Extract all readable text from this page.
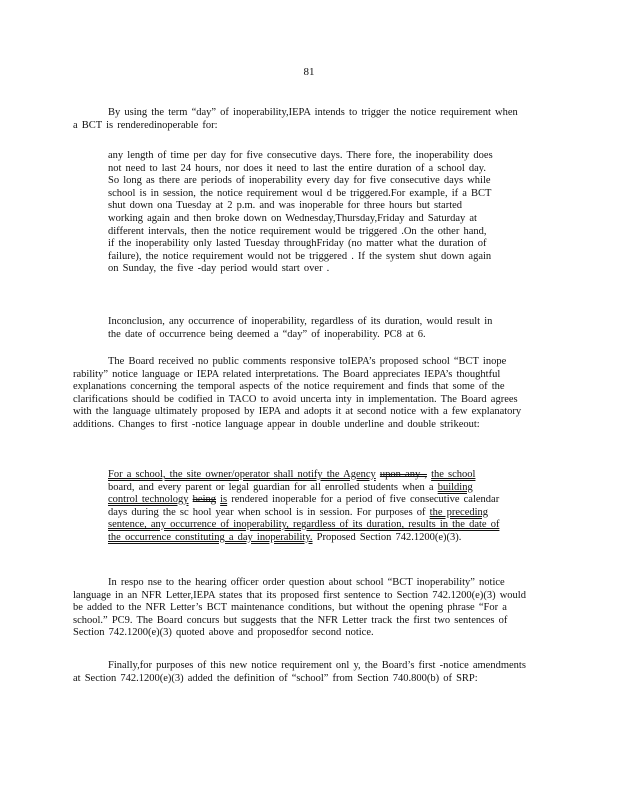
81
By using the term “day” of inoperability,IEPA intends to trigger the notice requirement when a BCT is renderedinoperable for:
any length of time per day for five consecutive days. There fore, the inoperability does not need to last 24 hours, nor does it need to last the entire duration of a school day. So long as there are periods of inoperability every day for five consecutive days while school is in session, the notice requirement woul d be triggered.For example, if a BCT shut down ona Tuesday at 2 p.m. and was inoperable for three hours but started working again and then broke down on Wednesday,Thursday,Friday and Saturday at different intervals, then the notice requirement would be triggered .On the other hand, if the inoperability only lasted Tuesday throughFriday (no matter what the duration of failure), the notice requirement would not be triggered . If the system shut down again on Sunday, the five -day period would start over .
Inconclusion, any occurrence of inoperability, regardless of its duration, would result in the date of occurrence being deemed a “day” of inoperability. PC8 at 6.
The Board received no public comments responsive toIEPA’s proposed school “BCT inope rability” notice language or IEPA related interpretations. The Board appreciates IEPA’s thoughtful explanations concerning the temporal aspects of the notice requirement and finds that some of the clarifications should be codified in TACO to avoid uncerta inty in implementation. The Board agrees with the language ultimately proposed by IEPA and adopts it at second notice with a few explanatory additions. Changes to first -notice language appear in double underline and double strikeout:
For a school, the site owner/operator shall notify the Agency upon any , the school board, and every parent or legal guardian for all enrolled students when a building control technology being is rendered inoperable for a period of five consecutive calendar days during the sc hool year when school is in session. For purposes of the preceding sentence, any occurrence of inoperability, regardless of its duration, results in the date of the occurrence constituting a day inoperability. Proposed Section 742.1200(e)(3).
In respo nse to the hearing officer order question about school “BCT inoperability” notice language in an NFR Letter,IEPA states that its proposed first sentence to Section 742.1200(e)(3) would be added to the NFR Letter’s BCT maintenance conditions, but without the opening phrase “For a school.” PC9. The Board concurs but suggests that the NFR Letter track the first two sentences of Section 742.1200(e)(3) quoted above and proposedfor second notice.
Finally,for purposes of this new notice requirement onl y, the Board’s first -notice amendments at Section 742.1200(e)(3) added the definition of “school” from Section 740.800(b) of SRP:
